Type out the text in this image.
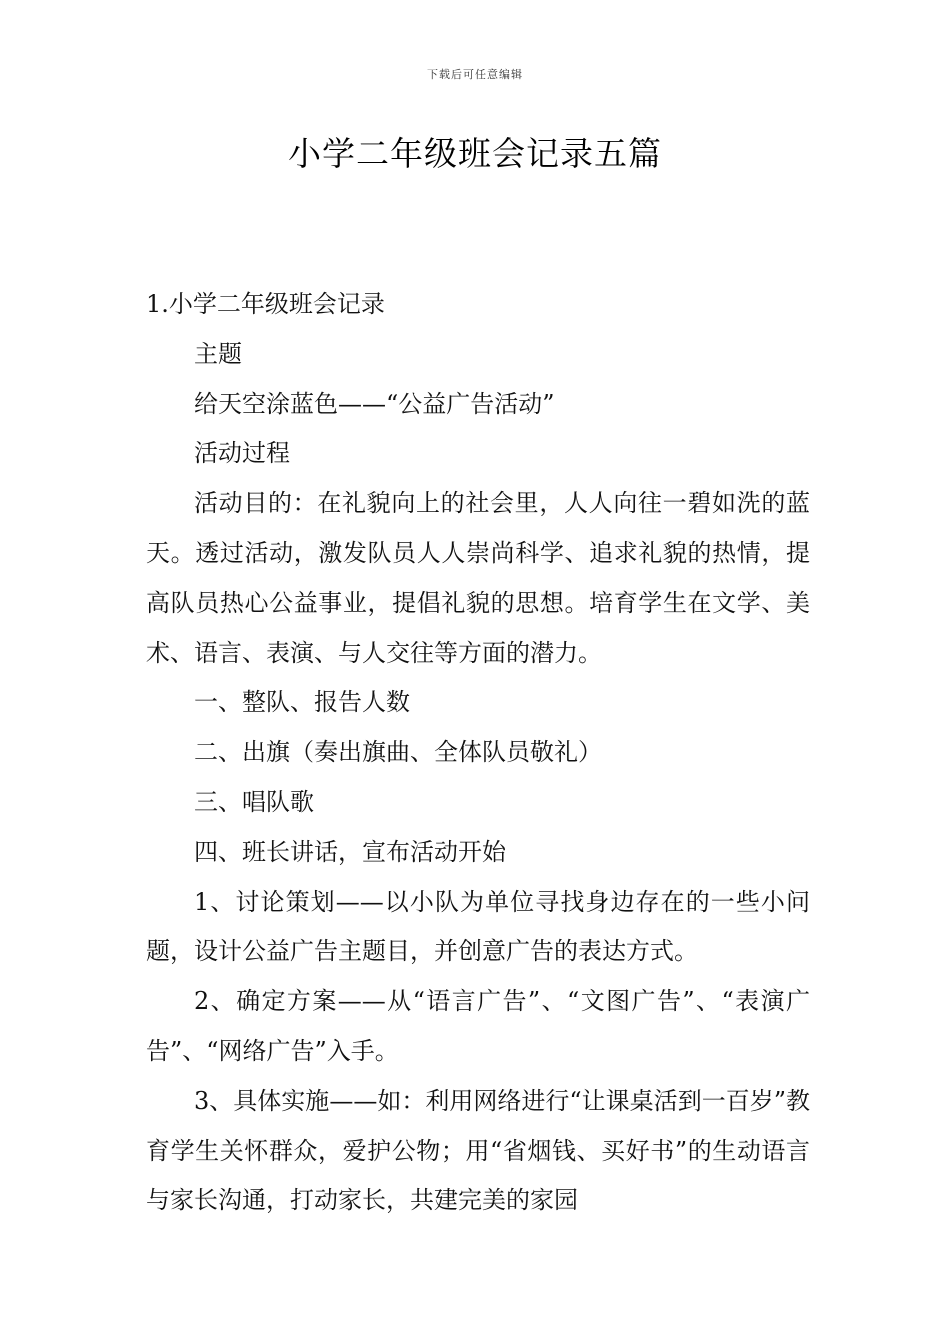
下载后可任意编辑
小学二年级班会记录五篇

1.小学二年级班会记录

主题

给天空涂蓝色——“公益广告活动”

活动过程

活动目的：在礼貌向上的社会里，人人向往一碧如洗的蓝天。透过活动，激发队员人人崇尚科学、追求礼貌的热情，提高队员热心公益事业，提倡礼貌的思想。培育学生在文学、美术、语言、表演、与人交往等方面的潜力。

一、整队、报告人数

二、出旗（奏出旗曲、全体队员敬礼）

三、唱队歌

四、班长讲话，宣布活动开始

1、讨论策划——以小队为单位寻找身边存在的一些小问题，设计公益广告主题目，并创意广告的表达方式。

2、确定方案——从“语言广告”、“文图广告”、“表演广告”、“网络广告”入手。

3、具体实施——如：利用网络进行“让课桌活到一百岁”教育学生关怀群众，爱护公物；用“省烟钱、买好书”的生动语言与家长沟通，打动家长，共建完美的家园
